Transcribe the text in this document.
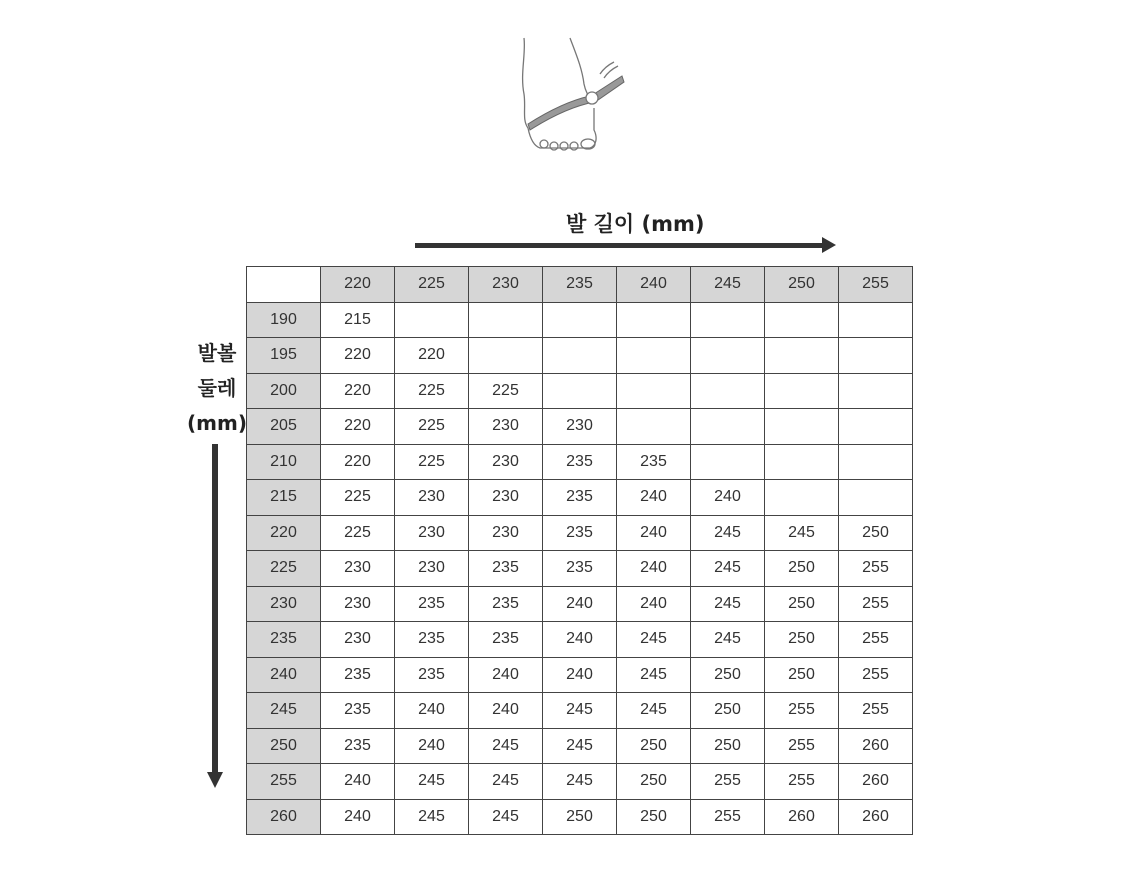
발 길이 (mm)
발볼
둘레
(mm)
	220	225	230	235	240	245	250	255
190	215							
195	220	220						
200	220	225	225					
205	220	225	230	230				
210	220	225	230	235	235			
215	225	230	230	235	240	240		
220	225	230	230	235	240	245	245	250
225	230	230	235	235	240	245	250	255
230	230	235	235	240	240	245	250	255
235	230	235	235	240	245	245	250	255
240	235	235	240	240	245	250	250	255
245	235	240	240	245	245	250	255	255
250	235	240	245	245	250	250	255	260
255	240	245	245	245	250	255	255	260
260	240	245	245	250	250	255	260	260
